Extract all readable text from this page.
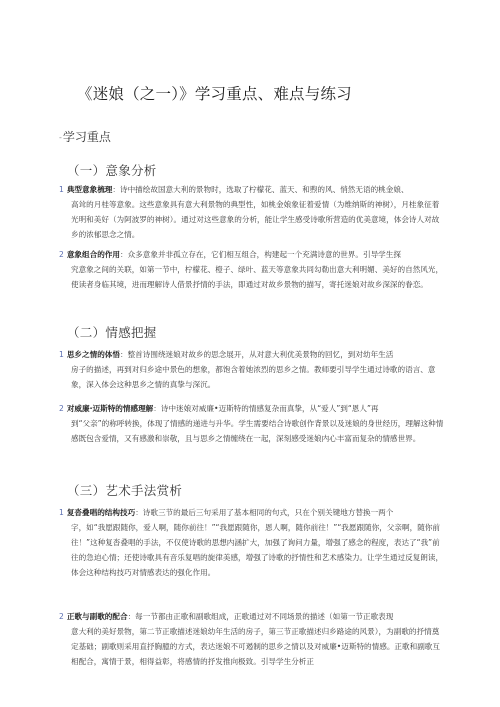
《迷娘（之一）》学习重点、难点与练习
-学习重点
（一）意象分析
1 典型意象梳理：诗中描绘故国意大利的景物时，选取了柠檬花、蓝天、和煦的风、悄然无语的桃金娘、
高耸的月桂等意象。这些意象具有意大利景物的典型性，如桃金娘象征着爱情（为维纳斯的神树），月桂象征着光明和美好（为阿波罗的神树）。通过对这些意象的分析，能让学生感受诗歌所营造的优美意境，体会诗人对故乡的浓郁思念之情。
2 意象组合的作用：众多意象并非孤立存在，它们相互组合，构建起一个充满诗意的世界。引导学生探
究意象之间的关联，如第一节中，柠檬花、橙子、绿叶、蓝天等意象共同勾勒出意大利明媚、美好的自然风光，使读者身临其境，进而理解诗人借景抒情的手法，即通过对故乡景物的描写，寄托迷娘对故乡深深的眷恋。
（二）情感把握
1 思乡之情的体悟：整首诗围绕迷娘对故乡的思念展开，从对意大利优美景物的回忆，到对幼年生活
房子的描述，再到对归乡途中景色的想象，都饱含着她浓烈的思乡之情。教师要引导学生通过诗歌的语言、意象，深入体会这种思乡之情的真挚与深沉。
2 对威廉·迈斯特的情感理解：诗中迷娘对威廉•迈斯特的情感复杂而真挚，从“爱人”到“恩人”再
到“父亲”的称呼转换，体现了情感的递进与升华。学生需要结合诗歌创作背景以及迷娘的身世经历，理解这种情感既包含爱情，又有感激和崇敬，且与思乡之情缠绕在一起，深刻感受迷娘内心丰富而复杂的情感世界。
（三）艺术手法赏析
1 复沓叠唱的结构技巧：诗歌三节的最后三句采用了基本相同的句式，只在个别关键地方替换一两个
字，如“我愿跟随你，爱人啊，随你前往！”“我愿跟随你，恩人啊，随你前往！”“我愿跟随你，父亲啊，随你前往！”这种复沓叠唱的手法，不仅使诗歌的思想内涵扩大，加强了询问力量，增强了感念的程度，表达了“我”前往的急迫心情；还使诗歌具有音乐复唱的旋律美感，增强了诗歌的抒情性和艺术感染力。让学生通过反复朗读，体会这种结构技巧对情感表达的强化作用。
2 正歌与副歌的配合：每一节都由正歌和副歌组成，正歌通过对不同场景的描述（如第一节正歌表现
意大利的美好景物，第二节正歌描述迷娘幼年生活的房子，第三节正歌描述归乡路途的风景），为副歌的抒情奠定基础；副歌则采用直抒胸臆的方式，表达迷娘不可遏制的思乡之情以及对威廉•迈斯特的情感。正歌和副歌互相配合，寓情于景，相得益彰，将感情的抒发推向极致。引导学生分析正
